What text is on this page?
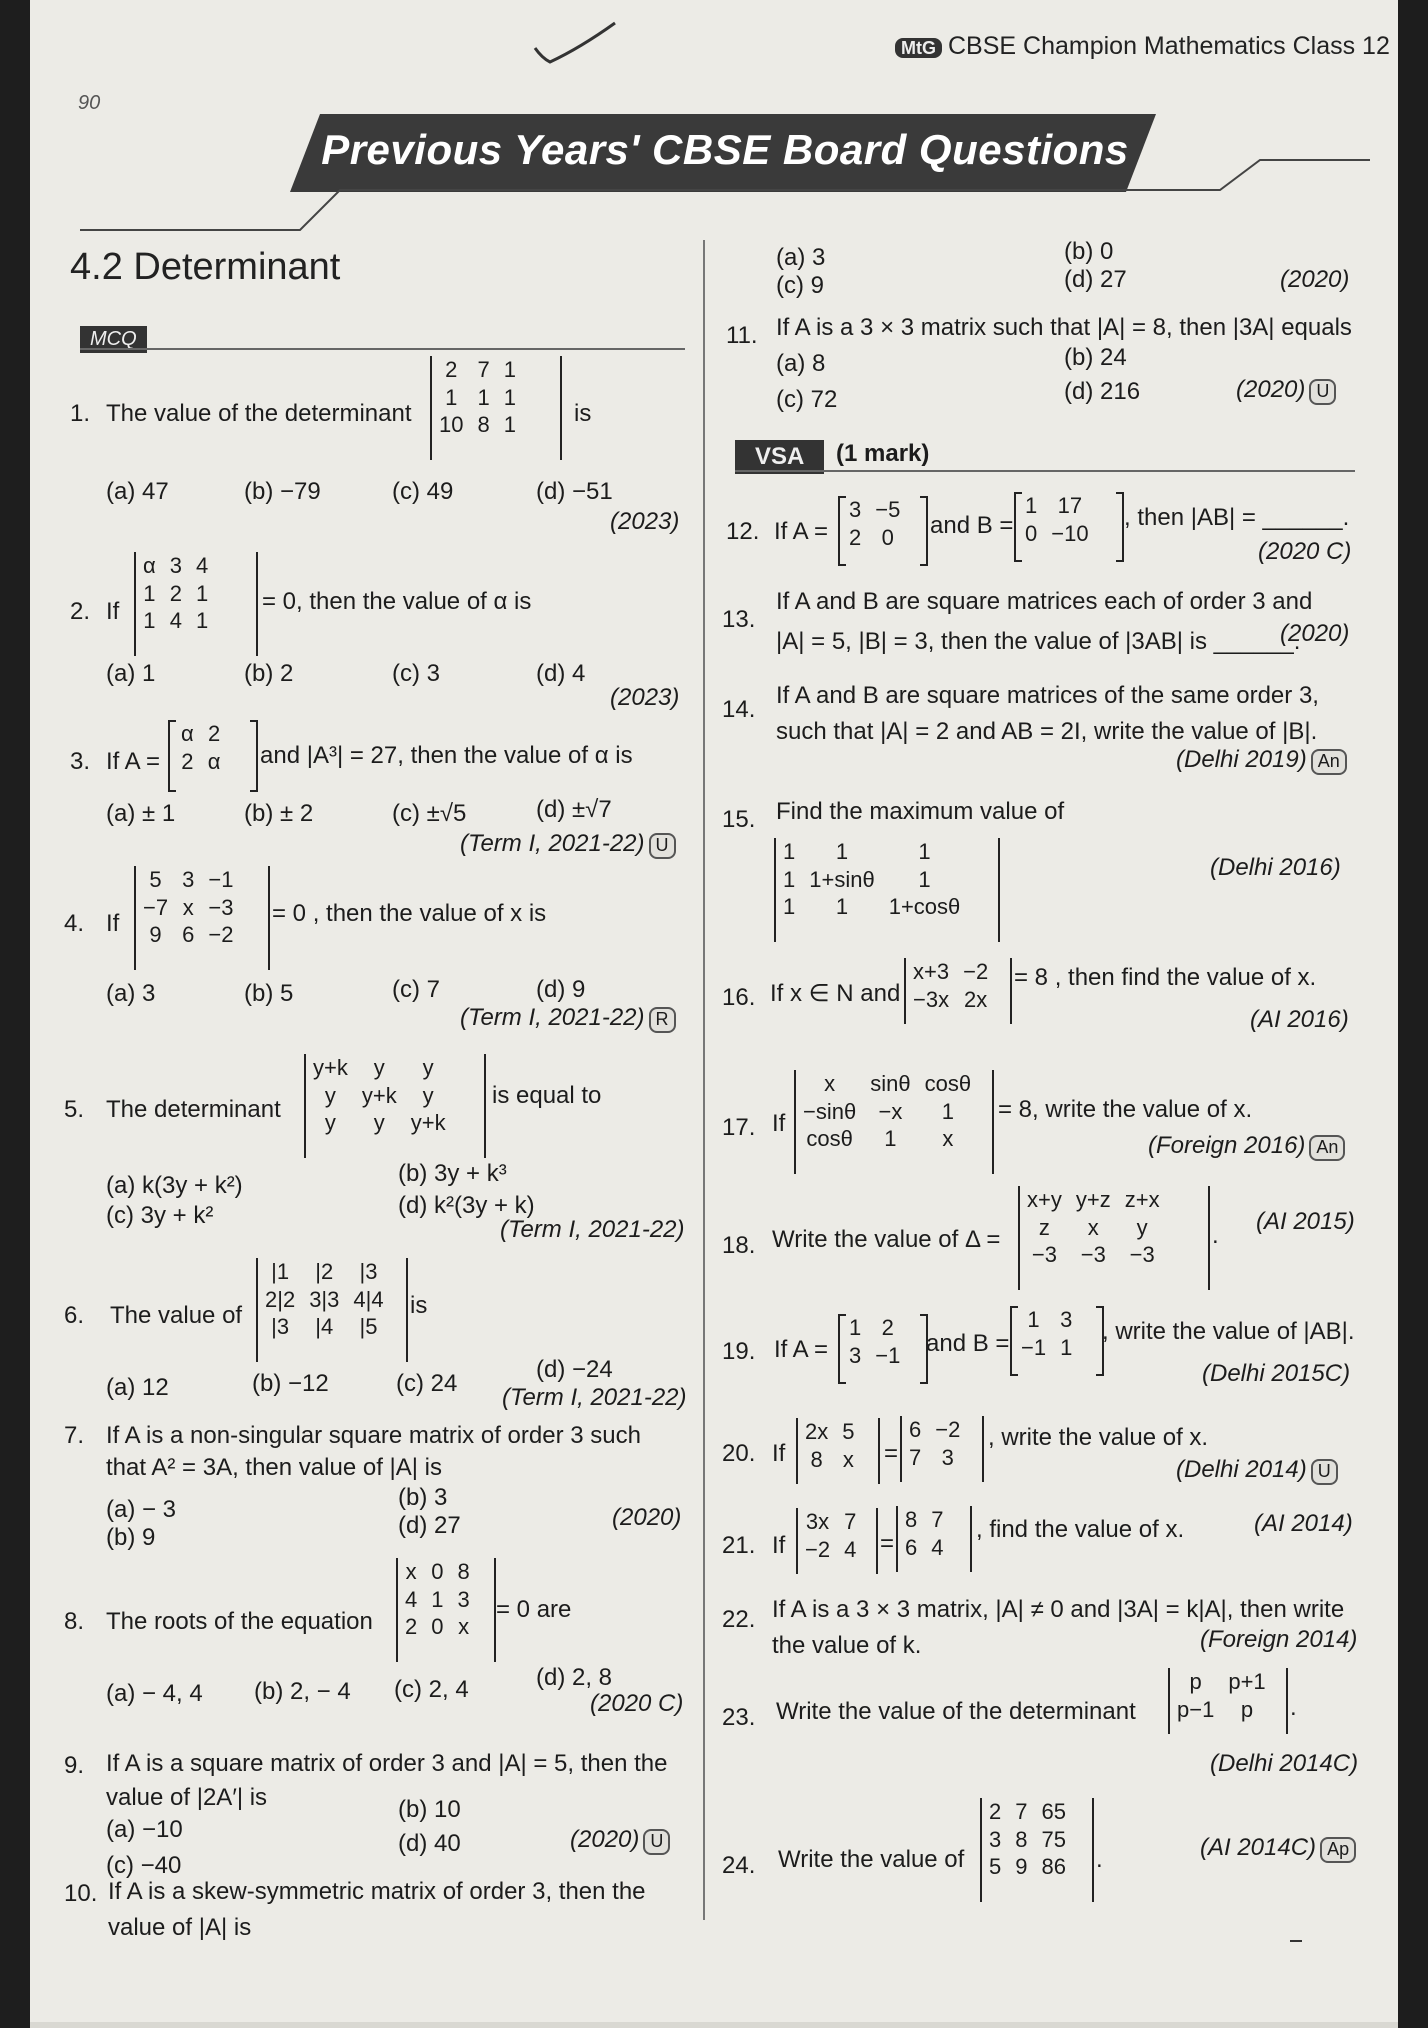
90
MtG CBSE Champion Mathematics Class 12
Previous Years' CBSE Board Questions
4.2 Determinant
MCQ
1. The value of the determinant
2	7	1
1	1	1
10	8	1 is
(a) 47	(b) −79	(c) 49	(d) −51
(2023)
2. If
α	3	4
1	2	1
1	4	1
= 0, then the value of α is
(a) 1	(b) 2	(c) 3	(d) 4
(2023)
3. If A =
α	2
2	α and |A³| = 27, then the value of α is
(a) ± 1	(b) ± 2	(c) ±√5	(d) ±√7
(Term I, 2021-22) U
4. If
5	3	−1
−7	x	−3
9	6	−2
= 0 , then the value of x is
(a) 3	(b) 5	(c) 7	(d) 9
(Term I, 2021-22) R
5. The determinant
y+k	y	y
y	y+k	y
y	y	y+k
is equal to
(a) k(3y + k²)	(b) 3y + k³
(c) 3y + k²	(d) k²(3y + k)
(Term I, 2021-22)
6. The value of
|1	|2	|3
2|2	3|3	4|4
|3	|4	|5
is
(a) 12	(b) −12	(c) 24
(d) −24
(Term I, 2021-22)
7. If A is a non-singular square matrix of order 3 such
that A² = 3A, then value of |A| is
(a) − 3	(b) 3
(b) 9	(d) 27	(2020)
8. The roots of the equation
x	0	8
4	1	3
2	0	x
= 0 are
(a) − 4, 4 (b) 2, − 4 (c) 2, 4	(d) 2, 8
(2020 C)
9. If A is a square matrix of order 3 and |A| = 5, then the
value of |2A′| is
(a) −10
(b) 10
(c) −40
(d) 40	(2020) U
10. If A is a skew-symmetric matrix of order 3, then the
value of |A| is
(a) 3	(b) 0
(c) 9	(d) 27	(2020)
11. If A is a 3 × 3 matrix such that |A| = 8, then |3A| equals
(a) 8	(b) 24
(c) 72	(d) 216	(2020) U
VSA	(1 mark)
12. If A =
3	−5
2	0 and B =
1	17
0	−10
, then |AB| = ______.
(2020 C)
13.
If A and B are square matrices each of order 3 and
|A| = 5, |B| = 3, then the value of |3AB| is ______.
(2020)
14.
If A and B are square matrices of the same order 3,
such that |A| = 2 and AB = 2I, write the value of |B|.
(Delhi 2019) An
15. Find the maximum value of
1	1	1
1	1+sinθ	1
1	1	1+cosθ
(Delhi 2016)
16. If x ∈ N and
x+3	−2
−3x	2x
= 8 , then find the value of x.
(AI 2016)
17. If
x	sinθ	cosθ
−sinθ	−x	1
cosθ	1	x
= 8, write the value of x.
(Foreign 2016) An
18. Write the value of Δ =
x+y	y+z	z+x
z	x	y
−3	−3	−3
.
(AI 2015)
19. If A =
1	2
3	−1 and B =
1	3
−1	1
, write the value of |AB|.
(Delhi 2015C)
20. If
2x	5
8	x =
6	−2
7	3
, write the value of x.
(Delhi 2014) U
21. If
3x	7
−2	4 =
8	7
6	4
, find the value of x.	(AI 2014)
22. If A is a 3 × 3 matrix, |A| ≠ 0 and |3A| = k|A|, then write
the value of k.	(Foreign 2014)
23. Write the value of the determinant
p	p+1
p−1	p .
(Delhi 2014C)
24. Write the value of
2	7	65
3	8	75
5	9	86 .	(AI 2014C) Ap
